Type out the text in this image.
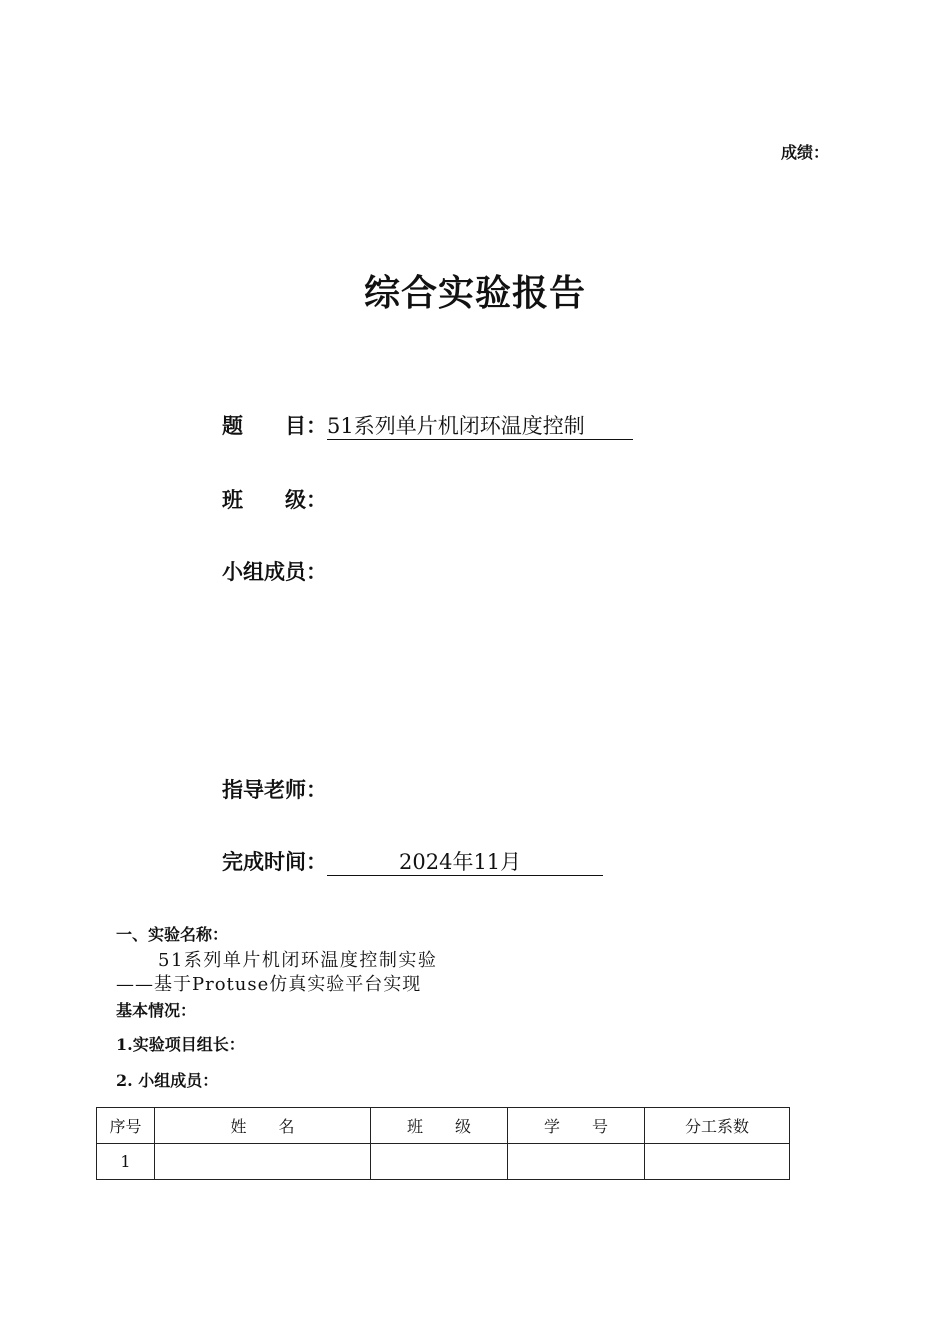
成绩：
综合实验报告
题　　目：51系列单片机闭环温度控制
班　　级：
小组成员：
指导老师：
完成时间：	2024年11月
一、实验名称：
51系列单片机闭环温度控制实验
——基于Protuse仿真实验平台实现
基本情况：
1.实验项目组长：
2. 小组成员：
序号	姓　　名	班　　级	学　　号	分工系数
1				
